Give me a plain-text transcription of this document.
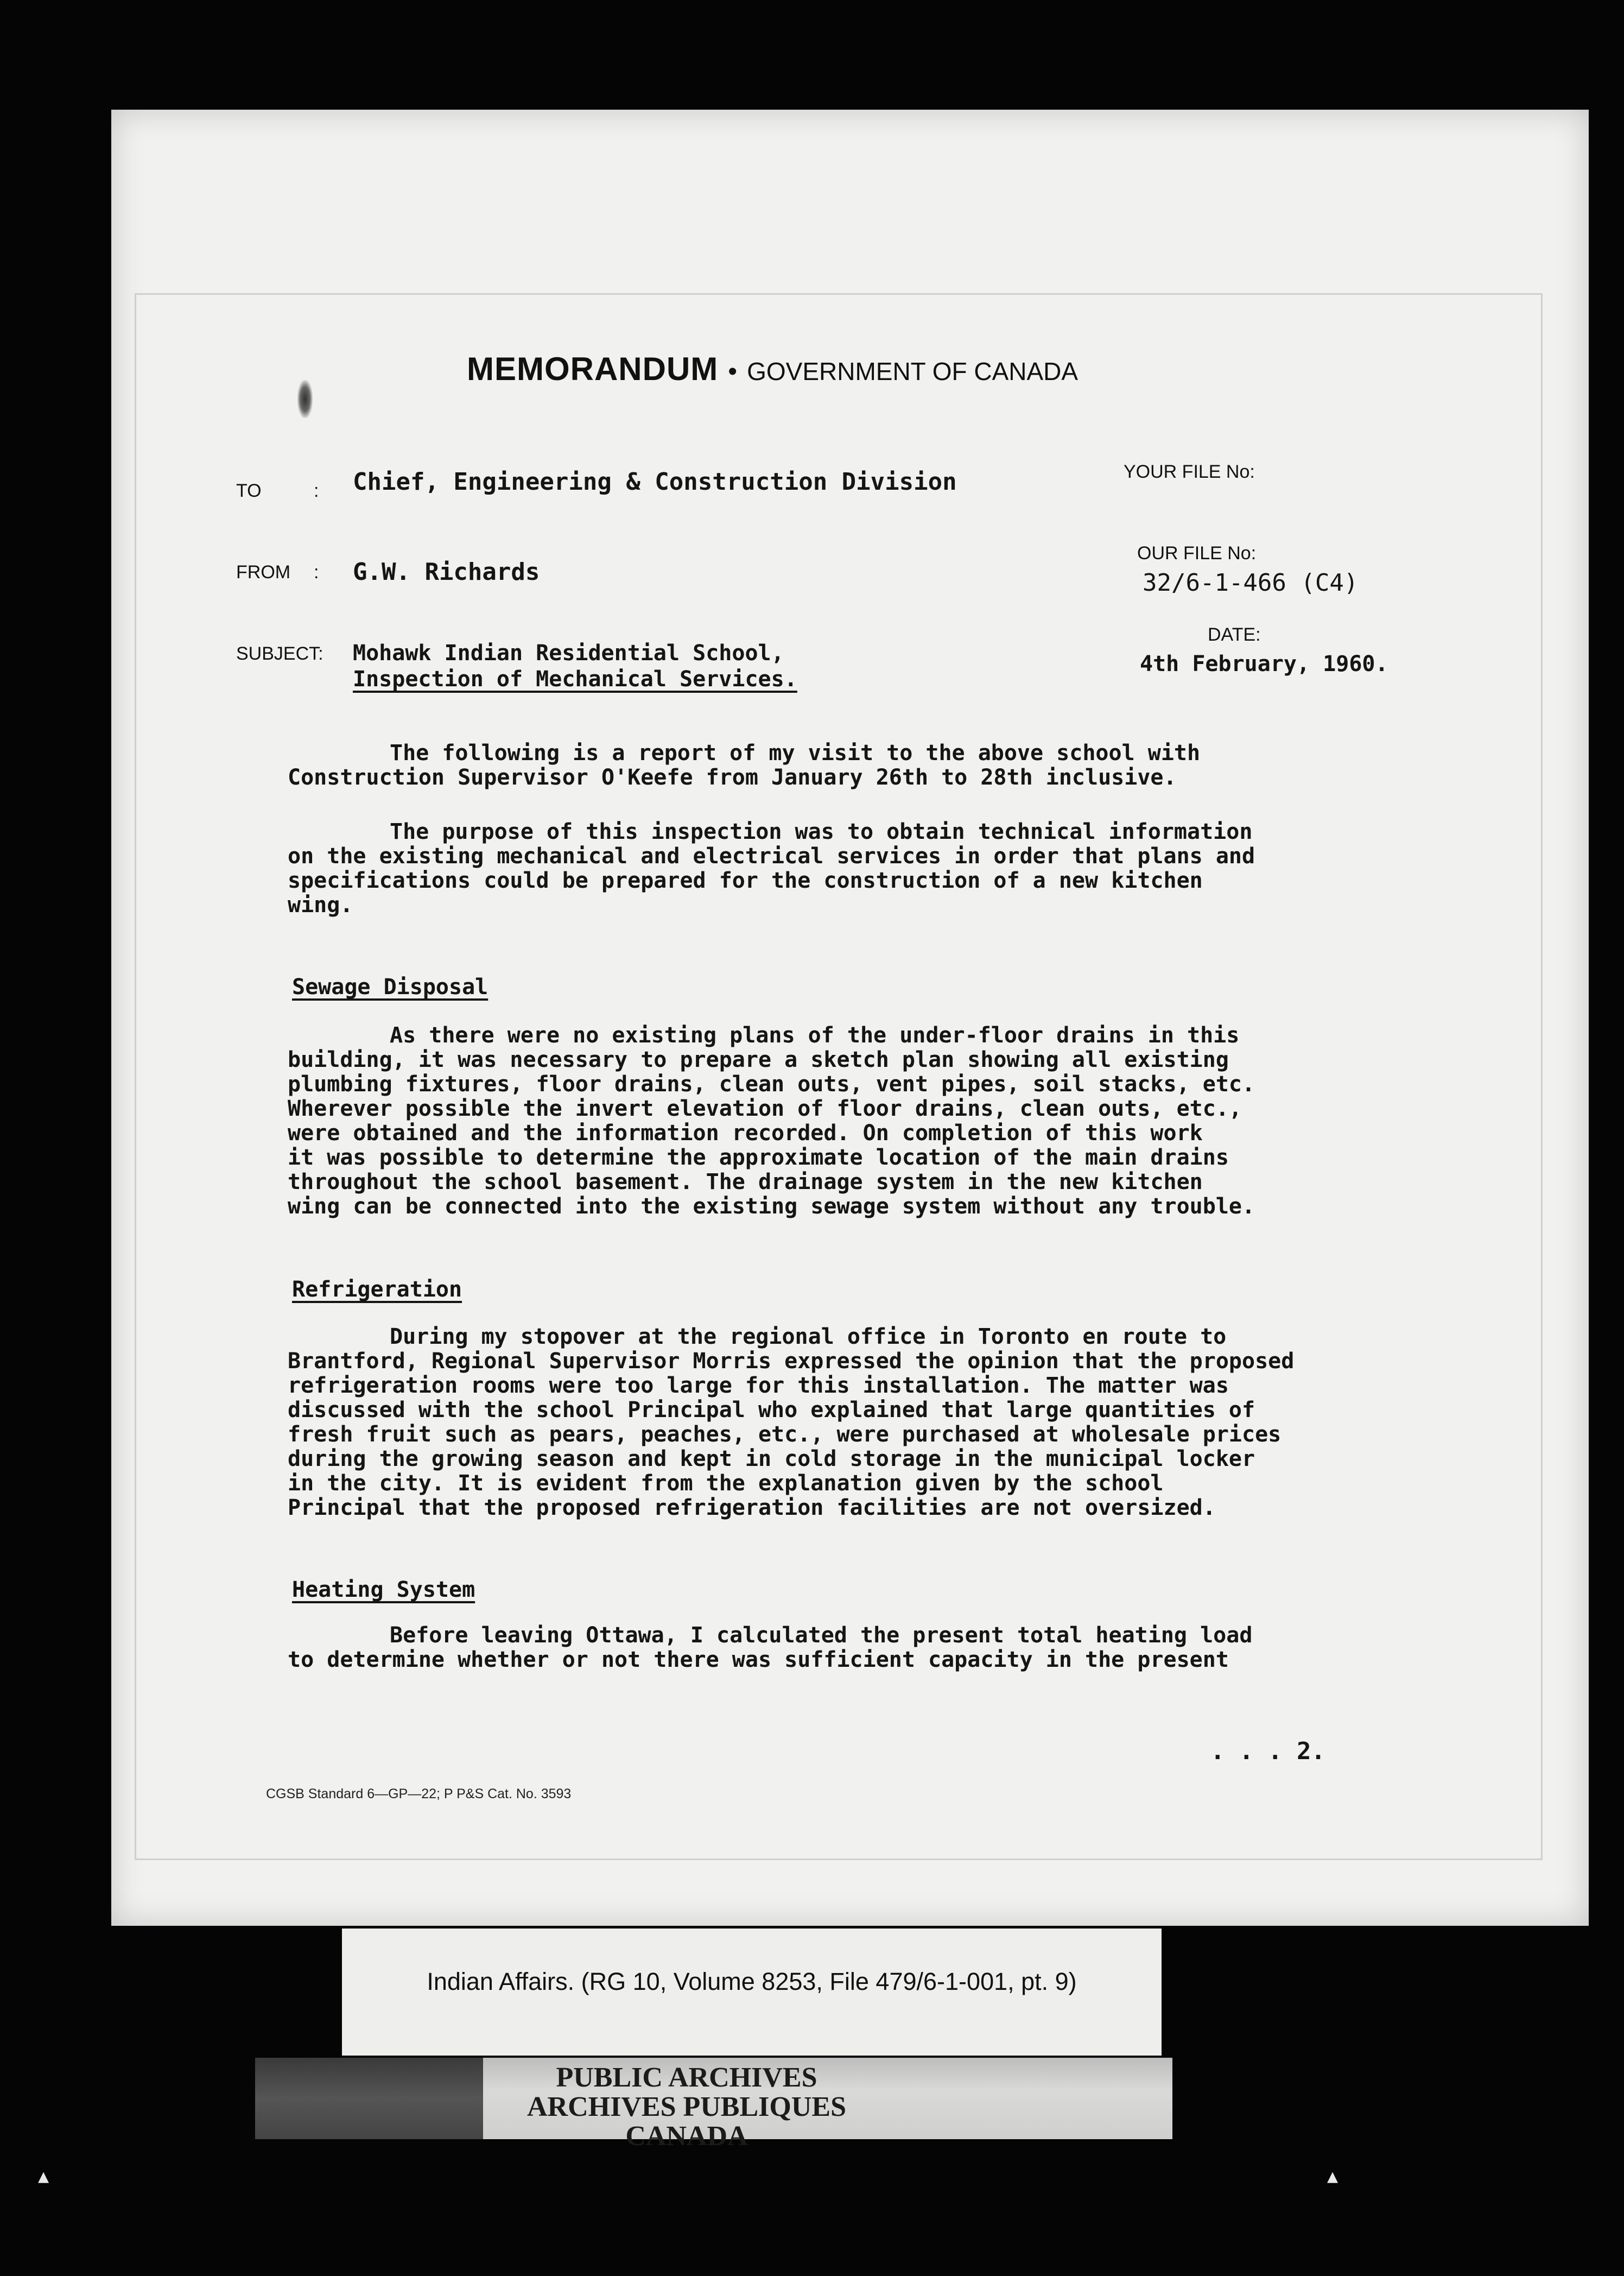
MEMORANDUM • GOVERNMENT OF CANADA
TO	: Chief, Engineering & Construction Division
FROM : G.W. Richards
SUBJECT: Mohawk Indian Residential School,
Inspection of Mechanical Services.
YOUR FILE No:
OUR FILE No:
32/6-1-466 (C4)
DATE:
4th February, 1960.
The following is a report of my visit to the above school with
Construction Supervisor O'Keefe from January 26th to 28th inclusive.
The purpose of this inspection was to obtain technical information
on the existing mechanical and electrical services in order that plans and
specifications could be prepared for the construction of a new kitchen
wing.
Sewage Disposal
As there were no existing plans of the under-floor drains in this
building, it was necessary to prepare a sketch plan showing all existing
plumbing fixtures, floor drains, clean outs, vent pipes, soil stacks, etc.
Wherever possible the invert elevation of floor drains, clean outs, etc.,
were obtained and the information recorded. On completion of this work
it was possible to determine the approximate location of the main drains
throughout the school basement. The drainage system in the new kitchen
wing can be connected into the existing sewage system without any trouble.
Refrigeration
During my stopover at the regional office in Toronto en route to
Brantford, Regional Supervisor Morris expressed the opinion that the proposed
refrigeration rooms were too large for this installation. The matter was
discussed with the school Principal who explained that large quantities of
fresh fruit such as pears, peaches, etc., were purchased at wholesale prices
during the growing season and kept in cold storage in the municipal locker
in the city. It is evident from the explanation given by the school
Principal that the proposed refrigeration facilities are not oversized.
Heating System
Before leaving Ottawa, I calculated the present total heating load
to determine whether or not there was sufficient capacity in the present
. . . 2.
CGSB Standard 6—GP—22; P P&S Cat. No. 3593
Indian Affairs. (RG 10, Volume 8253, File 479/6-1-001, pt. 9)
PUBLIC ARCHIVES
ARCHIVES PUBLIQUES
CANADA
▴	▴
